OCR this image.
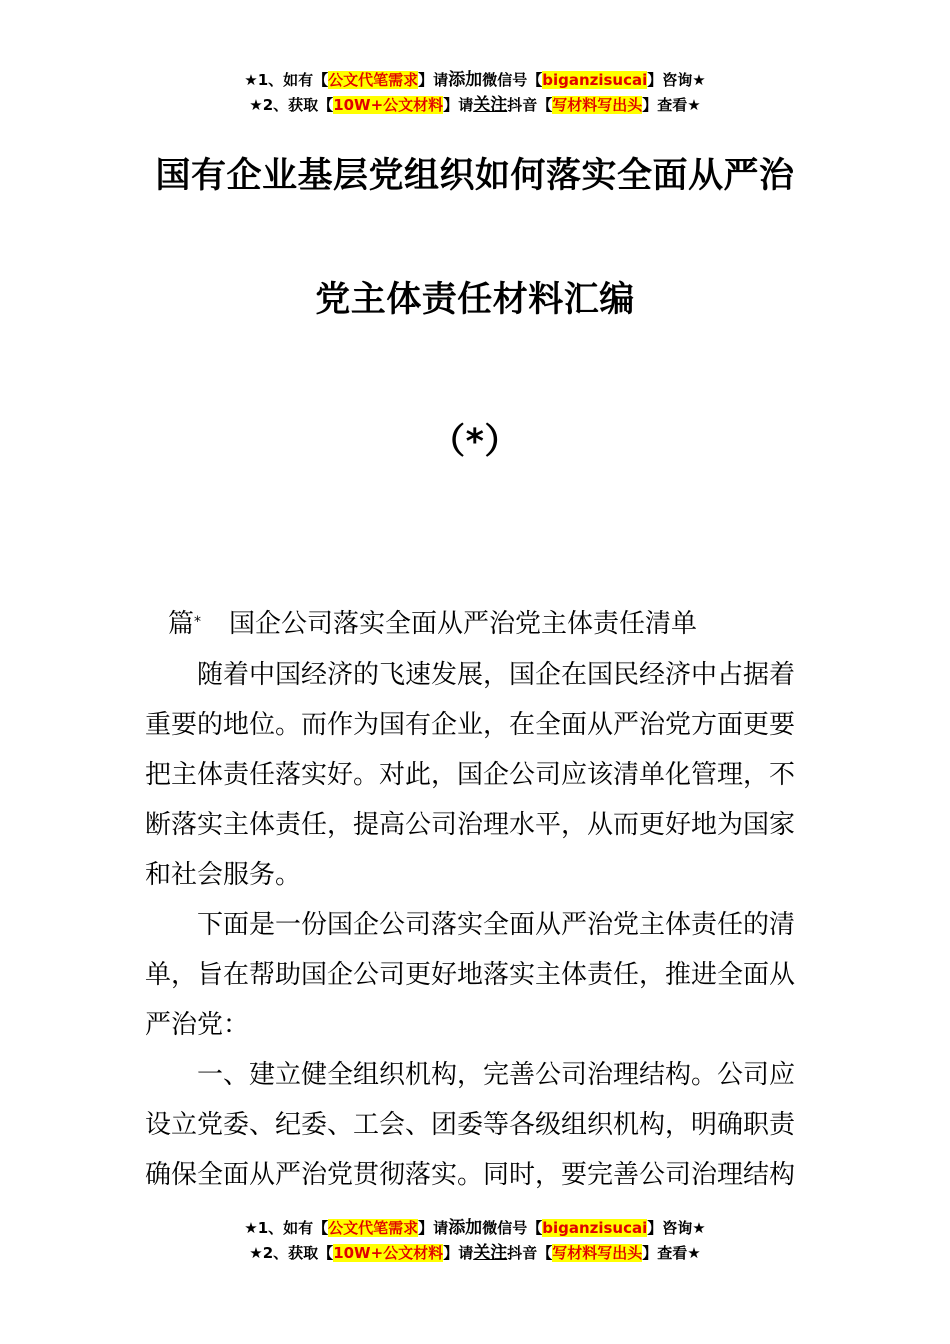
★1、如有【公文代笔需求】请添加微信号【biganzisucai】咨询★
★2、获取【10W+公文材料】请关注抖音【写材料写出头】查看★
国有企业基层党组织如何落实全面从严治
党主体责任材料汇编
（*）
篇* 国企公司落实全面从严治党主体责任清单
随着中国经济的飞速发展，国企在国民经济中占据着
重要的地位。而作为国有企业，在全面从严治党方面更要
把主体责任落实好。对此，国企公司应该清单化管理，不
断落实主体责任，提高公司治理水平，从而更好地为国家
和社会服务。
下面是一份国企公司落实全面从严治党主体责任的清
单，旨在帮助国企公司更好地落实主体责任，推进全面从
严治党：
一、建立健全组织机构，完善公司治理结构。公司应
设立党委、纪委、工会、团委等各级组织机构，明确职责
确保全面从严治党贯彻落实。同时，要完善公司治理结构
★1、如有【公文代笔需求】请添加微信号【biganzisucai】咨询★
★2、获取【10W+公文材料】请关注抖音【写材料写出头】查看★
